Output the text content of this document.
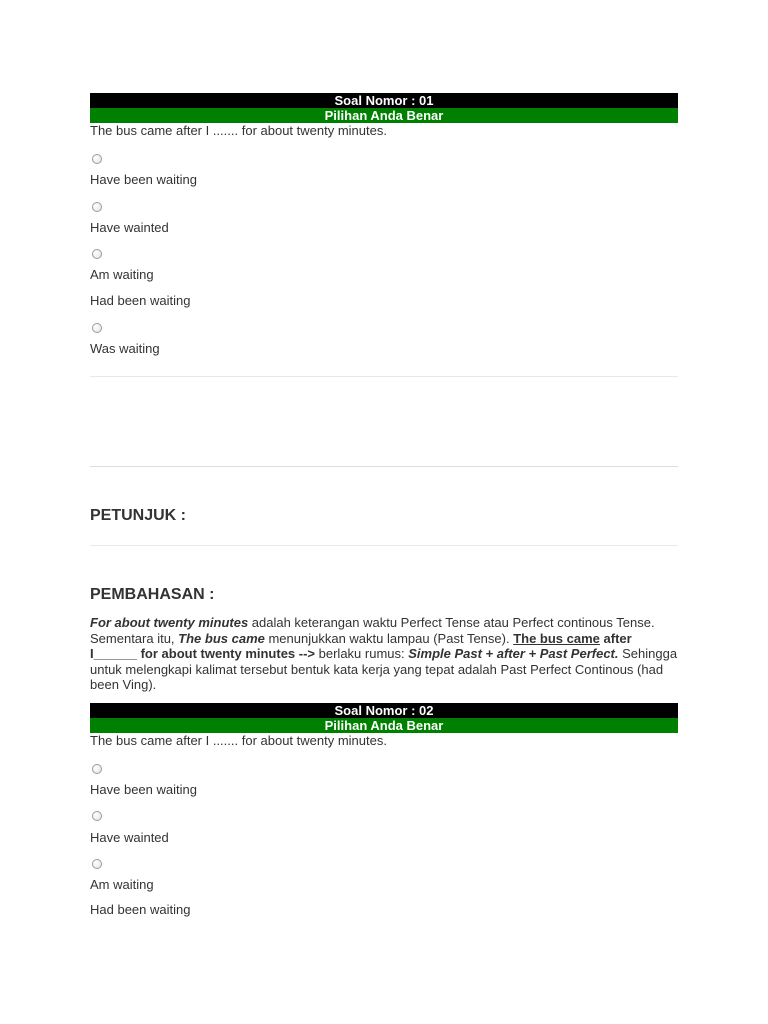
Soal Nomor : 01
Pilihan Anda Benar

The bus came after I ....... for about twenty minutes.

Have been waiting
Have wainted
Am waiting
Had been waiting
Was waiting
PETUNJUK :
PEMBAHASAN :

For about twenty minutes adalah keterangan waktu Perfect Tense atau Perfect continous Tense. Sementara itu, The bus came menunjukkan waktu lampau (Past Tense). The bus came after I______ for about twenty minutes --> berlaku rumus: Simple Past + after + Past Perfect. Sehingga untuk melengkapi kalimat tersebut bentuk kata kerja yang tepat adalah Past Perfect Continous (had been Ving).

Soal Nomor : 02
Pilihan Anda Benar

The bus came after I ....... for about twenty minutes.

Have been waiting
Have wainted
Am waiting
Had been waiting
